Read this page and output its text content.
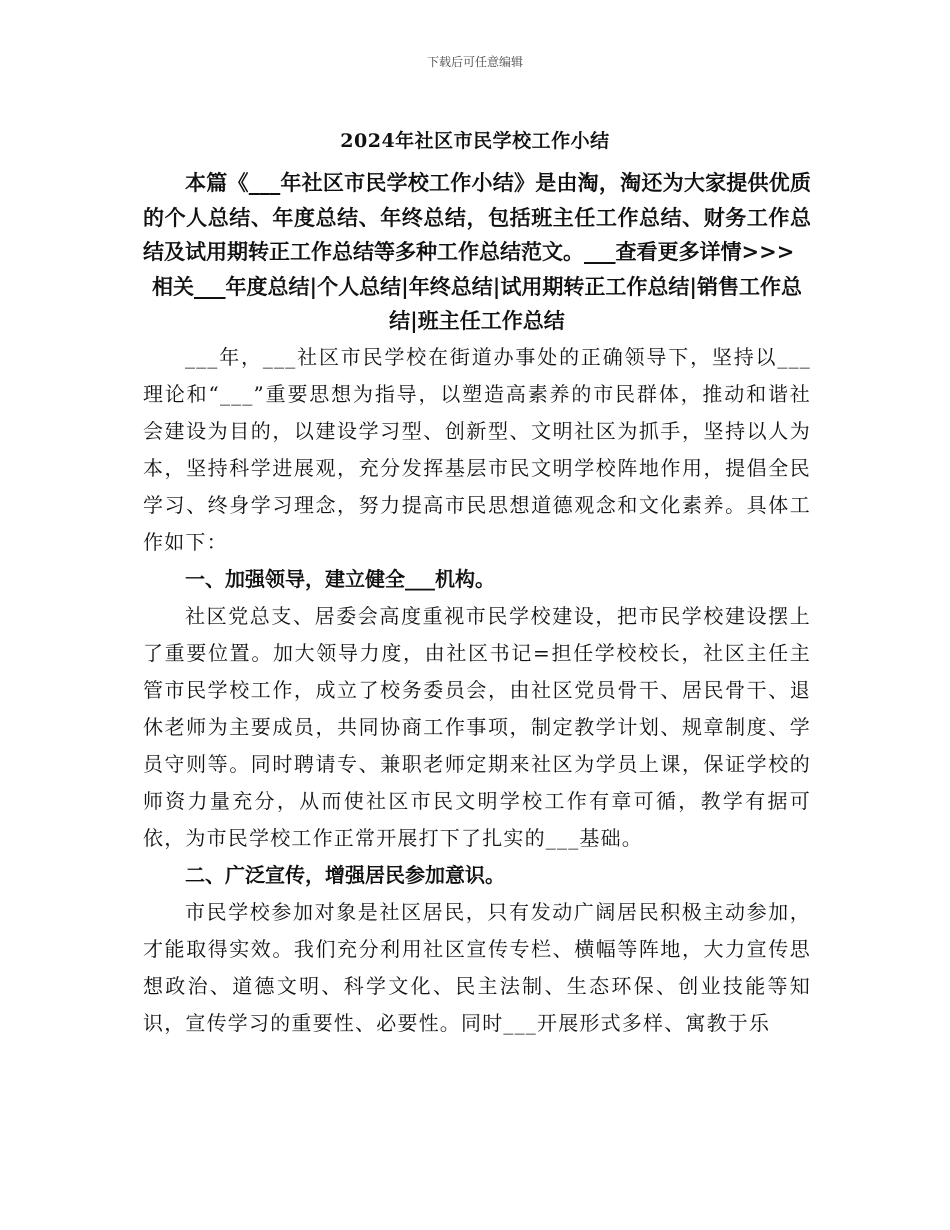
下载后可任意编辑
2024年社区市民学校工作小结

本篇《___年社区市民学校工作小结》是由淘，淘还为大家提供优质的个人总结、年度总结、年终总结，包括班主任工作总结、财务工作总结及试用期转正工作总结等多种工作总结范文。___查看更多详情>>>

相关___年度总结|个人总结|年终总结|试用期转正工作总结|销售工作总结|班主任工作总结

___年，___社区市民学校在街道办事处的正确领导下，坚持以___理论和“___”重要思想为指导，以塑造高素养的市民群体，推动和谐社会建设为目的，以建设学习型、创新型、文明社区为抓手，坚持以人为本，坚持科学进展观，充分发挥基层市民文明学校阵地作用，提倡全民学习、终身学习理念，努力提高市民思想道德观念和文化素养。具体工作如下：

一、加强领导，建立健全___机构。

社区党总支、居委会高度重视市民学校建设，把市民学校建设摆上了重要位置。加大领导力度，由社区书记=担任学校校长，社区主任主管市民学校工作，成立了校务委员会，由社区党员骨干、居民骨干、退休老师为主要成员，共同协商工作事项，制定教学计划、规章制度、学员守则等。同时聘请专、兼职老师定期来社区为学员上课，保证学校的师资力量充分，从而使社区市民文明学校工作有章可循，教学有据可依，为市民学校工作正常开展打下了扎实的___基础。

二、广泛宣传，增强居民参加意识。

市民学校参加对象是社区居民，只有发动广阔居民积极主动参加，才能取得实效。我们充分利用社区宣传专栏、横幅等阵地，大力宣传思想政治、道德文明、科学文化、民主法制、生态环保、创业技能等知识，宣传学习的重要性、必要性。同时___开展形式多样、寓教于乐
